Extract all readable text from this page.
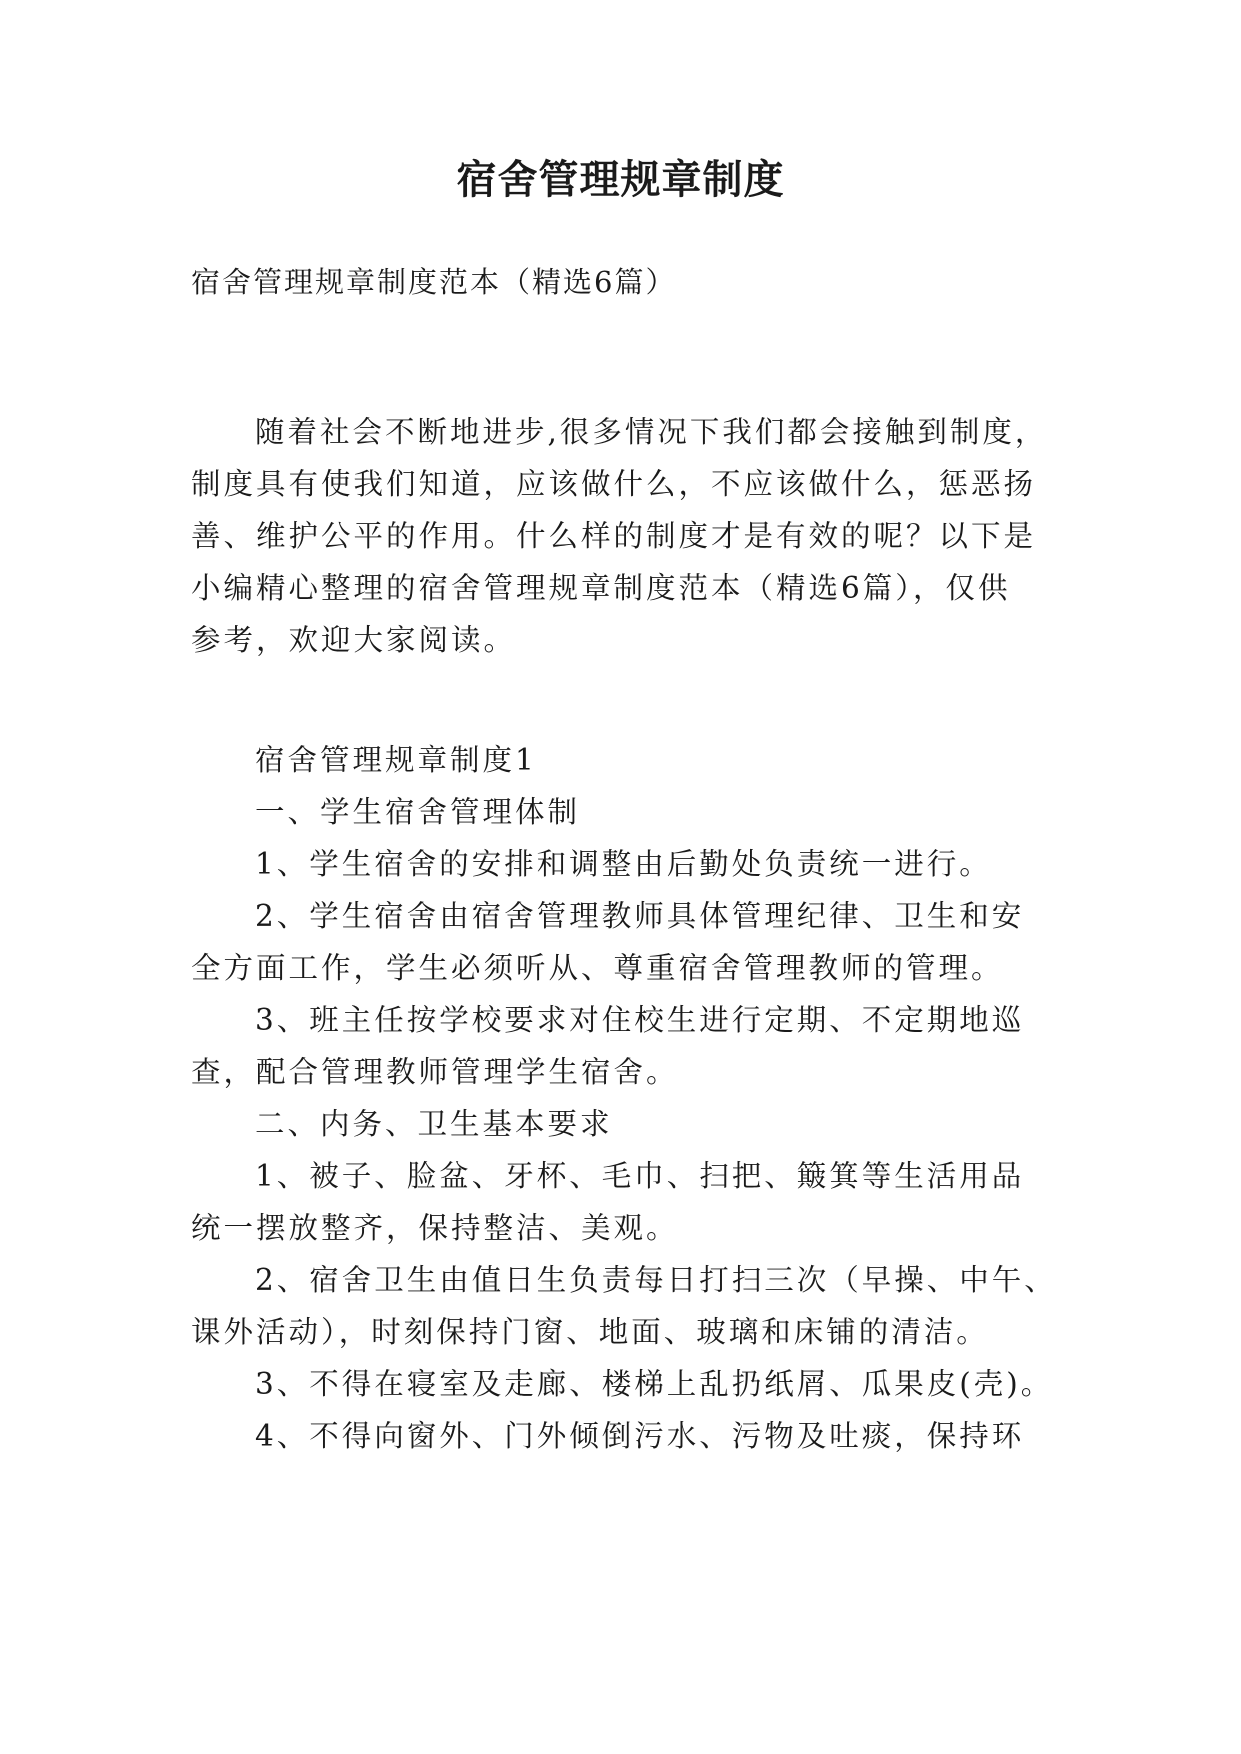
宿舍管理规章制度
宿舍管理规章制度范本（精选6篇）
随着社会不断地进步,很多情况下我们都会接触到制度，
制度具有使我们知道，应该做什么，不应该做什么，惩恶扬
善、维护公平的作用。什么样的制度才是有效的呢？以下是
小编精心整理的宿舍管理规章制度范本（精选6篇），仅供
参考，欢迎大家阅读。
宿舍管理规章制度1
一、学生宿舍管理体制
1、学生宿舍的安排和调整由后勤处负责统一进行。
2、学生宿舍由宿舍管理教师具体管理纪律、卫生和安
全方面工作，学生必须听从、尊重宿舍管理教师的管理。
3、班主任按学校要求对住校生进行定期、不定期地巡
查，配合管理教师管理学生宿舍。
二、内务、卫生基本要求
1、被子、脸盆、牙杯、毛巾、扫把、簸箕等生活用品
统一摆放整齐，保持整洁、美观。
2、宿舍卫生由值日生负责每日打扫三次（早操、中午、
课外活动），时刻保持门窗、地面、玻璃和床铺的清洁。
3、不得在寝室及走廊、楼梯上乱扔纸屑、瓜果皮(壳)。
4、不得向窗外、门外倾倒污水、污物及吐痰，保持环
